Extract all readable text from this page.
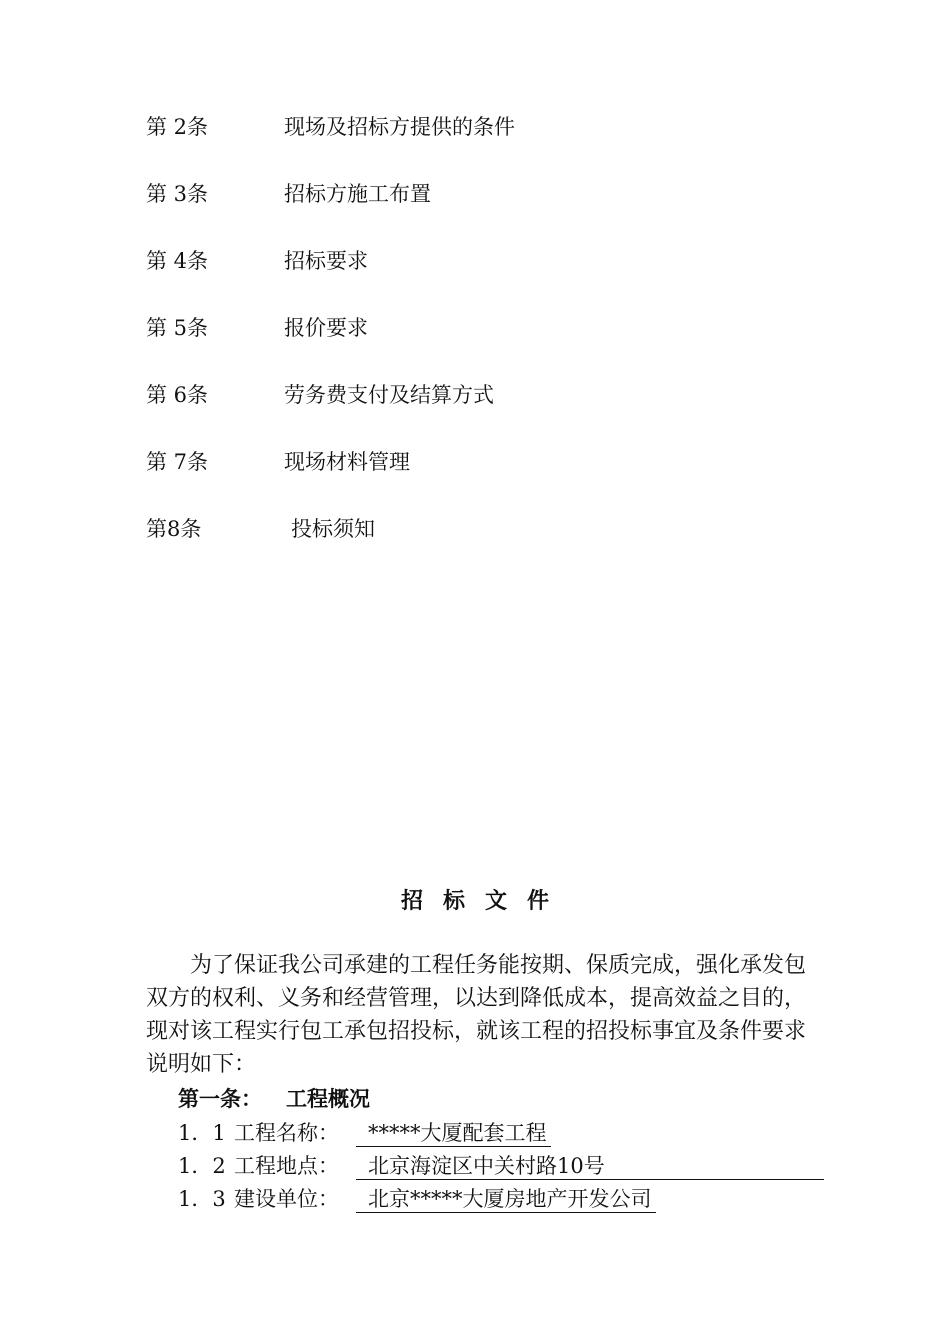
第 2条	现场及招标方提供的条件
第 3条	招标方施工布置
第 4条	招标要求
第 5条	报价要求
第 6条	劳务费支付及结算方式
第 7条	现场材料管理
第8条	投标须知
招标文件
为了保证我公司承建的工程任务能按期、保质完成，强化承发包双方的权利、义务和经营管理，以达到降低成本，提高效益之目的，现对该工程实行包工承包招投标，就该工程的招投标事宜及条件要求说明如下：
第一条： 工程概况
1．1 工程名称： *****大厦配套工程
1．2 工程地点： 北京海淀区中关村路10号
1．3 建设单位： 北京*****大厦房地产开发公司
